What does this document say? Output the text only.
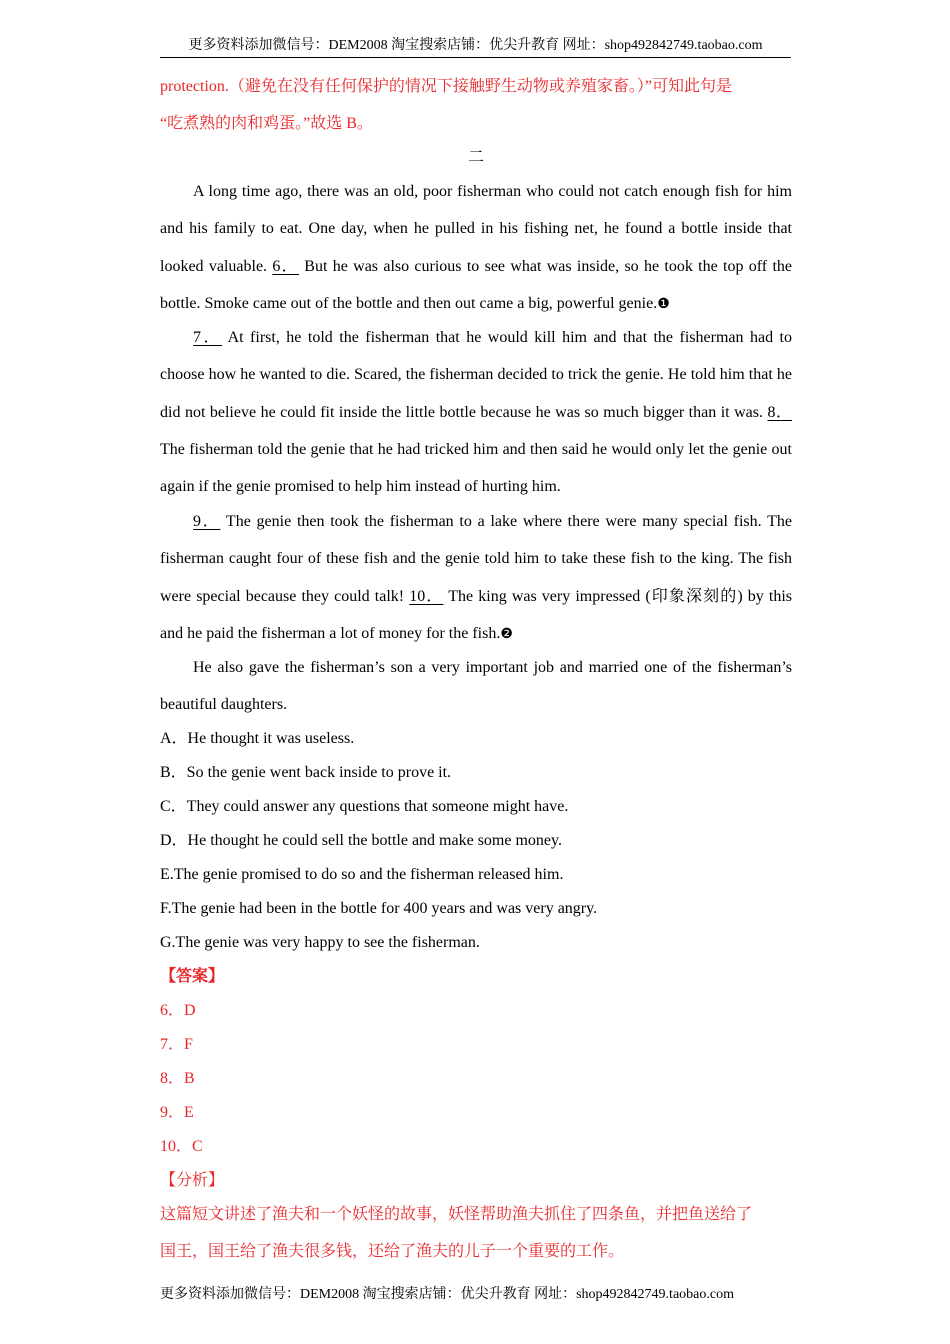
更多资料添加微信号：DEM2008 淘宝搜索店铺：优尖升教育 网址：shop492842749.taobao.com
protection.（避免在没有任何保护的情况下接触野生动物或养殖家畜。）”可知此句是
“吃煮熟的肉和鸡蛋。”故选 B。
二
A long time ago, there was an old, poor fisherman who could not catch enough fish for him and his family to eat. One day, when he pulled in his fishing net, he found a bottle inside that looked valuable. 6． But he was also curious to see what was inside, so he took the top off the bottle. Smoke came out of the bottle and then out came a big, powerful genie.❶
7． At first, he told the fisherman that he would kill him and that the fisherman had to choose how he wanted to die. Scared, the fisherman decided to trick the genie. He told him that he did not believe he could fit inside the little bottle because he was so much bigger than it was. 8．The fisherman told the genie that he had tricked him and then said he would only let the genie out again if the genie promised to help him instead of hurting him.
9． The genie then took the fisherman to a lake where there were many special fish. The fisherman caught four of these fish and the genie told him to take these fish to the king. The fish were special because they could talk! 10． The king was very impressed (印象深刻的) by this and he paid the fisherman a lot of money for the fish.❷
He also gave the fisherman’s son a very important job and married one of the fisherman’s beautiful daughters.
A．He thought it was useless.
B．So the genie went back inside to prove it.
C．They could answer any questions that someone might have.
D．He thought he could sell the bottle and make some money.
E.The genie promised to do so and the fisherman released him.
F.The genie had been in the bottle for 400 years and was very angry.
G.The genie was very happy to see the fisherman.
【答案】
6．D
7．F
8．B
9．E
10．C
【分析】
这篇短文讲述了渔夫和一个妖怪的故事，妖怪帮助渔夫抓住了四条鱼，并把鱼送给了
国王，国王给了渔夫很多钱，还给了渔夫的儿子一个重要的工作。
更多资料添加微信号：DEM2008 淘宝搜索店铺：优尖升教育 网址：shop492842749.taobao.com
